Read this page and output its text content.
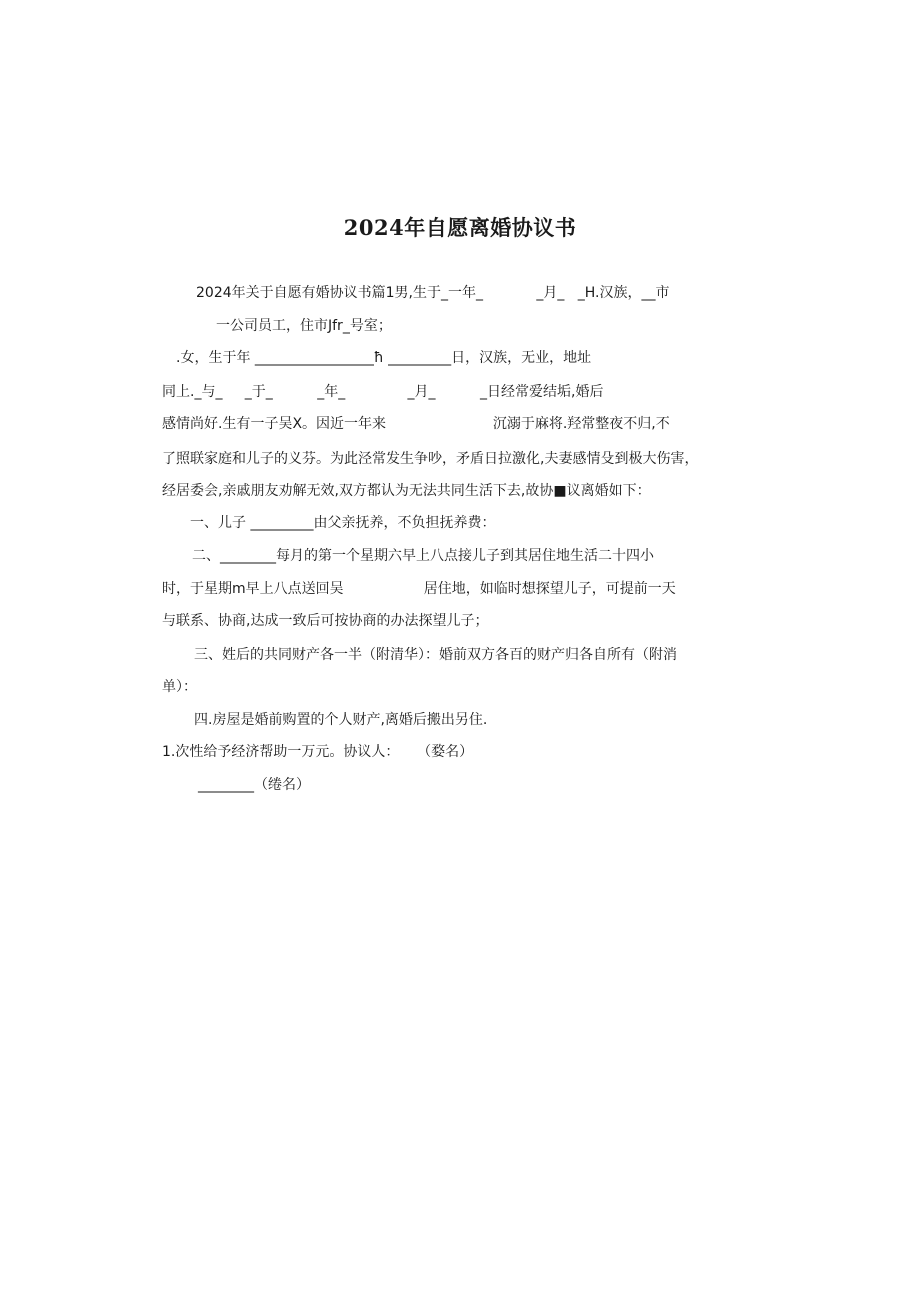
2024年自愿离婚协议书
2024年关于自愿有婚协议书篇1男,生于_一年_            _月_   _H.汉族，__市
一公司员工，住市Jfr_号室；
.女，生于年 _________________ħ _________日，汉族，无业，地址
同上._与_     _于_          _年_              _月_          _日经常爱结垢,婚后
感情尚好.生有一子吴X。因近一年来                        沉溺于麻将.羟常整夜不归,不
了照联家庭和儿子的义芬。为此泾常发生争吵，矛盾日拉激化,夫妻感情殳到极大伤害，
经居委会,亲戚朋友劝解无效,双方都认为无法共同生活下去,故协■议离婚如下：
一、儿子 _________由父亲抚养，不负担抚养费：
二、________每月的第一个星期六早上八点接儿子到其居住地生活二十四小
时，于星期m早上八点送回吴                  居住地，如临时想探望儿子，可提前一天
与联系、协商,达成一致后可按协商的办法探望儿子；
三、姓后的共同财产各一半（附清华）：婚前双方各百的财产归各自所有（附消
单）：
四.房屋是婚前购置的个人财产,离婚后搬出另住.
1.次性给予经济帮助一万元。协议人：    （婺名）
________（绻名）
